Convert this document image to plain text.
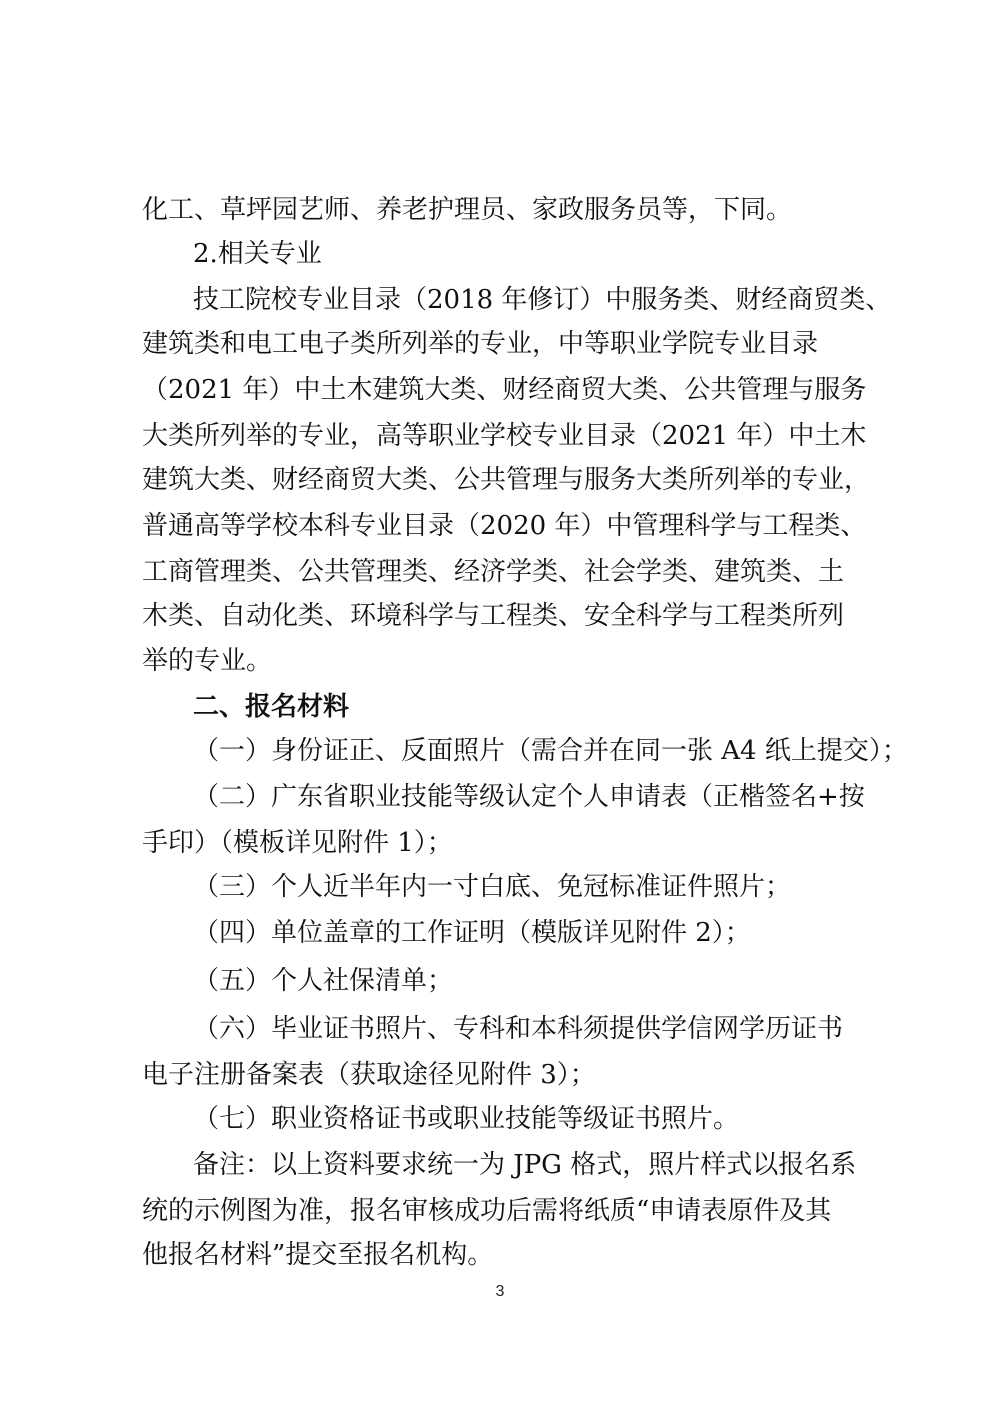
化工、草坪园艺师、养老护理员、家政服务员等，下同。

2.相关专业

技工院校专业目录（2018 年修订）中服务类、财经商贸类、

建筑类和电工电子类所列举的专业，中等职业学院专业目录

（2021 年）中土木建筑大类、财经商贸大类、公共管理与服务

大类所列举的专业，高等职业学校专业目录（2021 年）中土木

建筑大类、财经商贸大类、公共管理与服务大类所列举的专业，

普通高等学校本科专业目录（2020 年）中管理科学与工程类、

工商管理类、公共管理类、经济学类、社会学类、建筑类、土

木类、自动化类、环境科学与工程类、安全科学与工程类所列

举的专业。

二、报名材料

（一）身份证正、反面照片（需合并在同一张 A4 纸上提交）；

（二）广东省职业技能等级认定个人申请表（正楷签名+按

手印）（模板详见附件 1）；

（三）个人近半年内一寸白底、免冠标准证件照片；

（四）单位盖章的工作证明（模版详见附件 2）；

（五）个人社保清单；

（六）毕业证书照片、专科和本科须提供学信网学历证书

电子注册备案表（获取途径见附件 3）；

（七）职业资格证书或职业技能等级证书照片。

备注：以上资料要求统一为 JPG 格式，照片样式以报名系

统的示例图为准，报名审核成功后需将纸质“申请表原件及其

他报名材料”提交至报名机构。

3
